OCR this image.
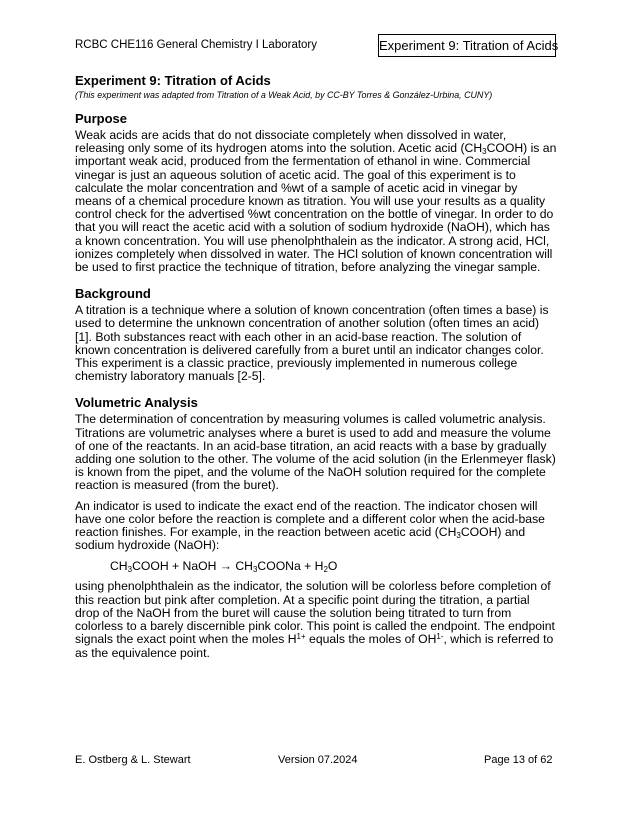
RCBC CHE116 General Chemistry I Laboratory	Experiment 9: Titration of Acids

Experiment 9: Titration of Acids

(This experiment was adapted from Titration of a Weak Acid, by CC-BY Torres & González-Urbina, CUNY)

Purpose

Weak acids are acids that do not dissociate completely when dissolved in water, releasing only some of its hydrogen atoms into the solution. Acetic acid $(CH_3COOH)$ is an important weak acid, produced from the fermentation of ethanol in wine. Commercial vinegar is just an aqueous solution of acetic acid. The goal of this experiment is to calculate the molar concentration and %wt of a sample of acetic acid in vinegar by means of a chemical procedure known as titration. You will use your results as a quality control check for the advertised %wt concentration on the bottle of vinegar. In order to do that you will react the acetic acid with a solution of sodium hydroxide (NaOH), which has a known concentration. You will use phenolphthalein as the indicator. A strong acid, HCl, ionizes completely when dissolved in water. The HCl solution of known concentration will be used to first practice the technique of titration, before analyzing the vinegar sample.

Background

A titration is a technique where a solution of known concentration (often times a base) is used to determine the unknown concentration of another solution (often times an acid) [1]. Both substances react with each other in an acid-base reaction. The solution of known concentration is delivered carefully from a buret until an indicator changes color. This experiment is a classic practice, previously implemented in numerous college chemistry laboratory manuals [2-5].

Volumetric Analysis

The determination of concentration by measuring volumes is called volumetric analysis. Titrations are volumetric analyses where a buret is used to add and measure the volume of one of the reactants. In an acid-base titration, an acid reacts with a base by gradually adding one solution to the other. The volume of the acid solution (in the Erlenmeyer flask) is known from the pipet, and the volume of the NaOH solution required for the complete reaction is measured (from the buret).

An indicator is used to indicate the exact end of the reaction. The indicator chosen will have one color before the reaction is complete and a different color when the acid-base reaction finishes. For example, in the reaction between acetic acid $(CH_3COOH)$ and sodium hydroxide (NaOH):

$CH_3COOH$ + NaOH → $CH_3COONa + H_2O$

using phenolphthalein as the indicator, the solution will be colorless before completion of this reaction but pink after completion. At a specific point during the titration, a partial drop of the NaOH from the buret will cause the solution being titrated to turn from colorless to a barely discernible pink color. This point is called the endpoint. The endpoint signals the exact point when the moles $H^{1+}$ equals the moles of $OH^{1-}$, which is referred to as the equivalence point.

E. Ostberg & L. Stewart	Version 07.2024	Page 13 of 62
